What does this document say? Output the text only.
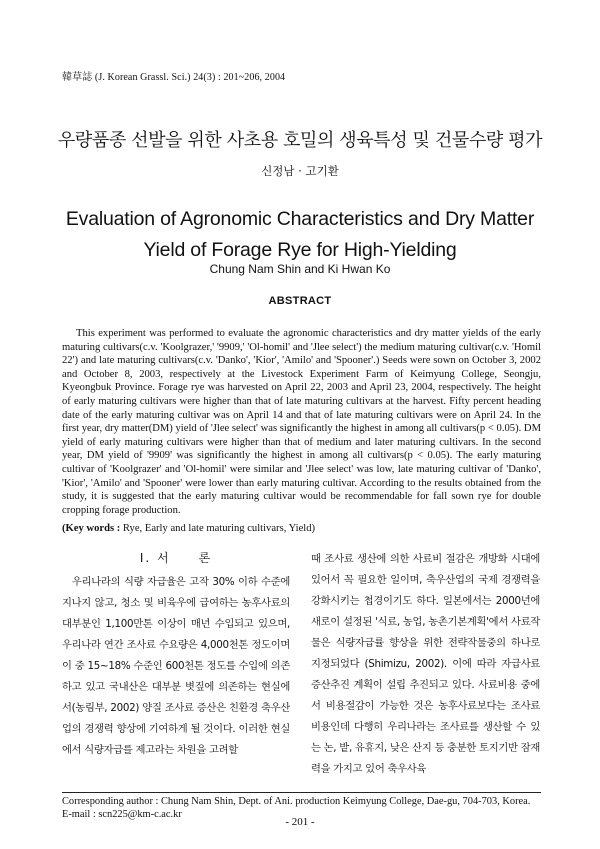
韓草誌 (J. Korean Grassl. Sci.) 24(3) : 201~206, 2004
우량품종 선발을 위한 사초용 호밀의 생육특성 및 건물수량 평가
신정남 · 고기환
Evaluation of Agronomic Characteristics and Dry Matter
Yield of Forage Rye for High-Yielding
Chung Nam Shin and Ki Hwan Ko
ABSTRACT

This experiment was performed to evaluate the agronomic characteristics and dry matter yields of the early maturing cultivars(c.v. 'Koolgrazer,' '9909,' 'Ol-homil' and 'Jlee select') the medium maturing cultivar(c.v. 'Homil 22') and late maturing cultivars(c.v. 'Danko', 'Kior', 'Amilo' and 'Spooner'.) Seeds were sown on October 3, 2002 and October 8, 2003, respectively at the Livestock Experiment Farm of Keimyung College, Seongju, Kyeongbuk Province. Forage rye was harvested on April 22, 2003 and April 23, 2004, respectively. The height of early maturing cultivars were higher than that of late maturing cultivars at the harvest. Fifty percent heading date of the early maturing cultivar was on April 14 and that of late maturing cultivars were on April 24. In the first year, dry matter(DM) yield of 'Jlee select' was significantly the highest in among all cultivars(p < 0.05). DM yield of early maturing cultivars were higher than that of medium and later maturing cultivars. In the second year, DM yield of '9909' was significantly the highest in among all cultivars(p < 0.05). The early maturing cultivar of 'Koolgrazer' and 'Ol-homil' were similar and 'Jlee select' was low, late maturing cultivar of 'Danko', 'Kior', 'Amilo' and 'Spooner' were lower than early maturing cultivar. According to the results obtained from the study, it is suggested that the early maturing cultivar would be recommendable for fall sown rye for double cropping forage production.

(Key words : Rye, Early and late maturing cultivars, Yield)

Ⅰ. 서　　론

우리나라의 식량 자급율은 고작 30% 이하 수준에 지나지 않고, 청소 및 비육우에 급여하는 농후사료의 대부분인 1,100만톤 이상이 매년 수입되고 있으며, 우리나라 연간 조사료 수요량은 4,000천톤 정도이며 이 중 15~18% 수준인 600천톤 정도를 수입에 의존하고 있고 국내산은 대부분 볏짚에 의존하는 현실에서(농림부, 2002) 양질 조사료 증산은 친환경 축우산업의 경쟁력 향상에 기여하게 될 것이다. 이러한 현실에서 식량자급를 제고라는 차원을 고려할

때 조사료 생산에 의한 사료비 절감은 개방화 시대에 있어서 꼭 필요한 일이며, 축우산업의 국제 경쟁력을 강화시키는 첩경이기도 하다. 일본에서는 2000년에 새로이 설정된 '식료, 농업, 농촌기본계획'에서 사료작물은 식량자급률 향상을 위한 전략작물중의 하나로 지정되었다 (Shimizu, 2002). 이에 따라 자급사료 증산추진 계획이 설립 추진되고 있다. 사료비용 중에서 비용절감이 가능한 것은 농후사료보다는 조사료 비용인데 다행히 우리나라는 조사료를 생산할 수 있는 논, 밭, 유휴지, 낮은 산지 등 충분한 토지기반 잠재력을 가지고 있어 축우사육

Corresponding author : Chung Nam Shin, Dept. of Ani. production Keimyung College, Dae-gu, 704-703, Korea.
E-mail : scn225@km-c.ac.kr
- 201 -
